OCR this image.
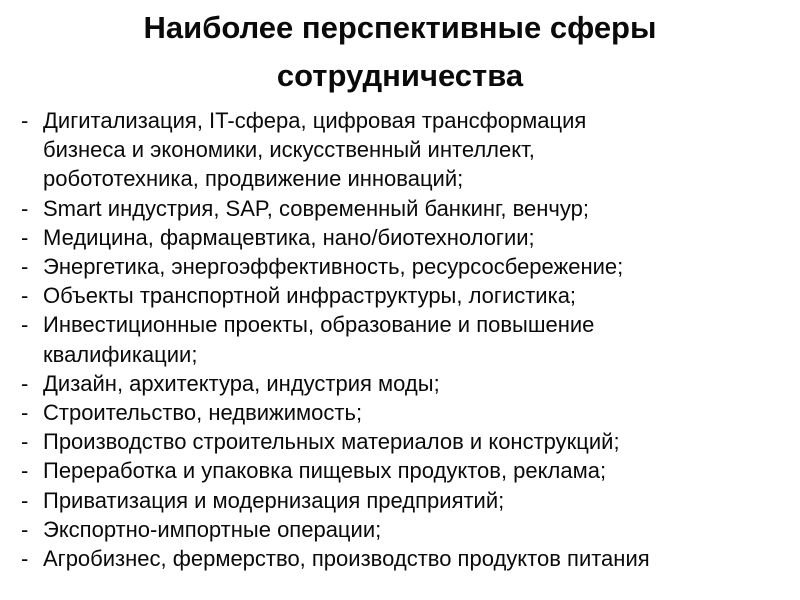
Наиболее перспективные сферы
сотрудничества
- Дигитализация, IT-сфера, цифровая трансформация
бизнеса и экономики, искусственный интеллект,
робототехника, продвижение инноваций;
- Smart индустрия, SAP, современный банкинг, венчур;
- Медицина, фармацевтика, нано/биотехнологии;
- Энергетика, энергоэффективность, ресурсосбережение;
- Объекты транспортной инфраструктуры, логистика;
- Инвестиционные проекты, образование и повышение
квалификации;
- Дизайн, архитектура, индустрия моды;
- Строительство, недвижимость;
- Производство строительных материалов и конструкций;
- Переработка и упаковка пищевых продуктов, реклама;
- Приватизация и модернизация предприятий;
- Экспортно-импортные операции;
- Агробизнес, фермерство, производство продуктов питания
